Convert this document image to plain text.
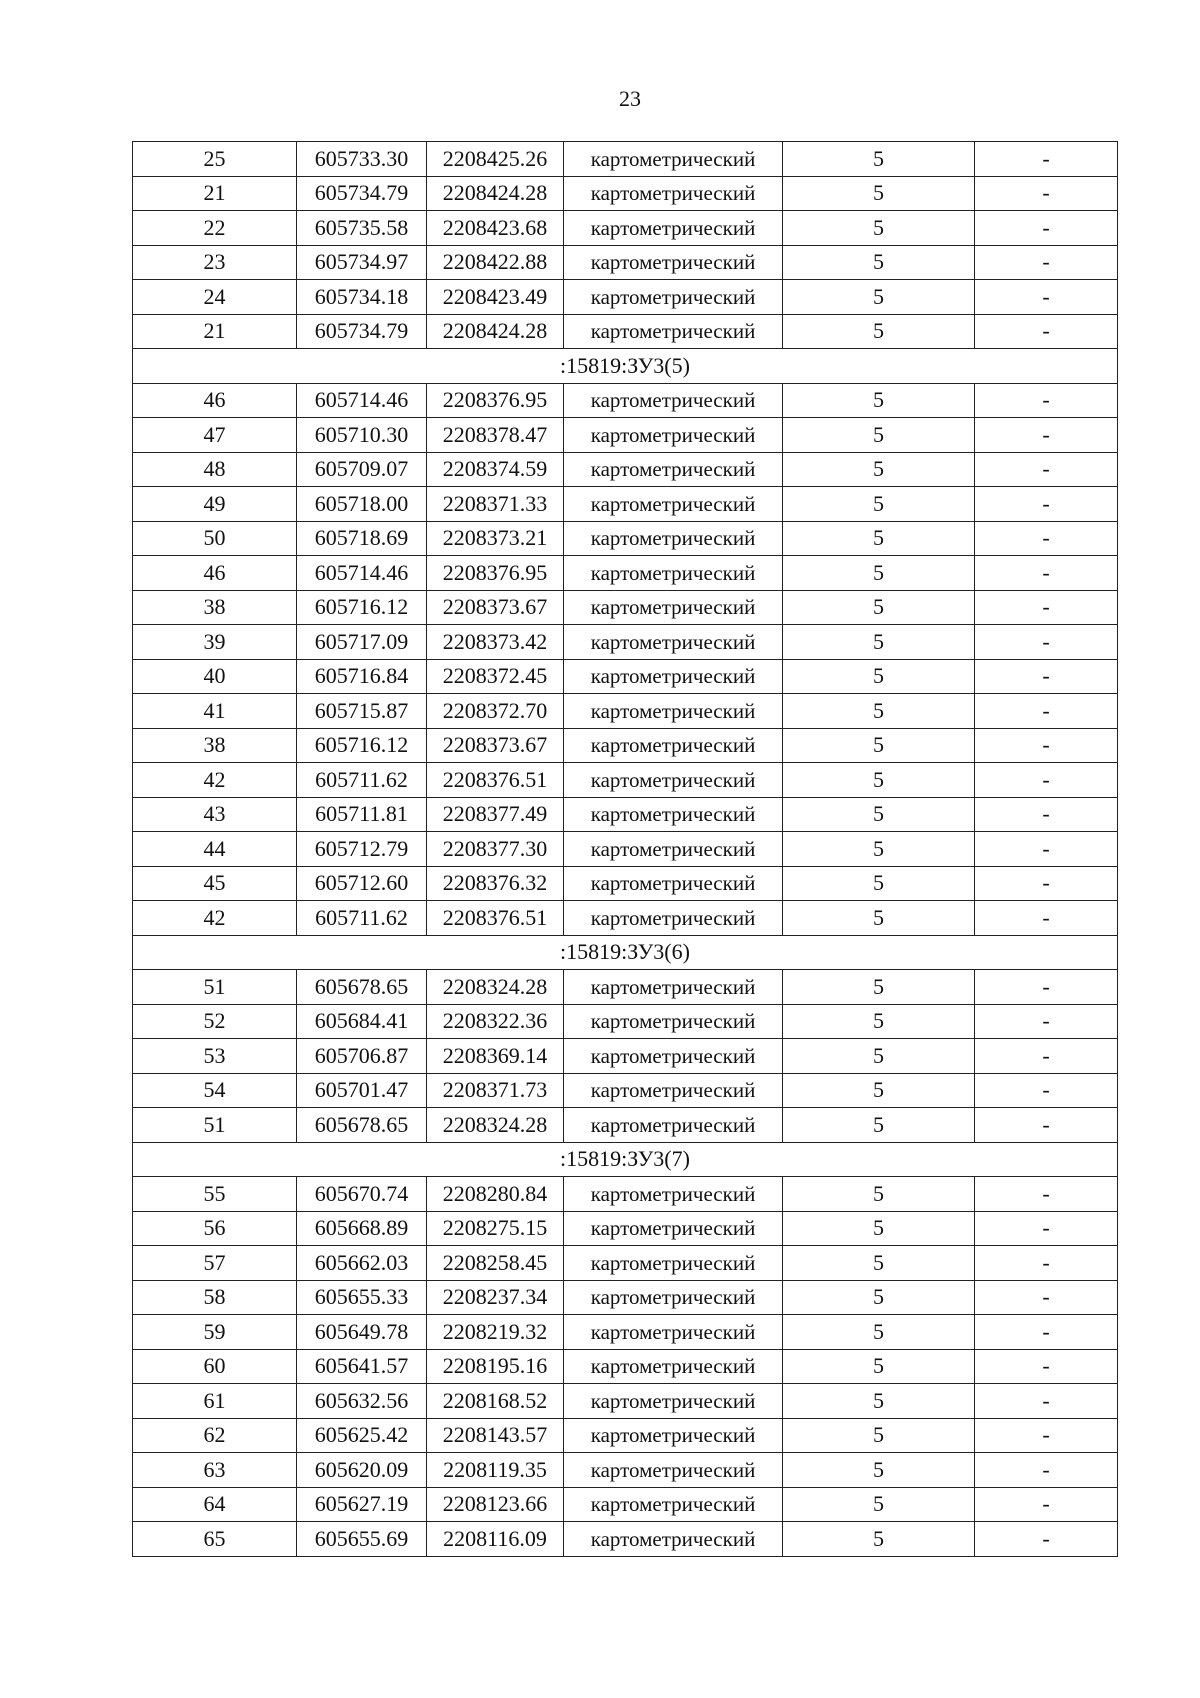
23
25	605733.30	2208425.26	картометрический	5	-
21	605734.79	2208424.28	картометрический	5	-
22	605735.58	2208423.68	картометрический	5	-
23	605734.97	2208422.88	картометрический	5	-
24	605734.18	2208423.49	картометрический	5	-
21	605734.79	2208424.28	картометрический	5	-
:15819:ЗУ3(5)					
46	605714.46	2208376.95	картометрический	5	-
47	605710.30	2208378.47	картометрический	5	-
48	605709.07	2208374.59	картометрический	5	-
49	605718.00	2208371.33	картометрический	5	-
50	605718.69	2208373.21	картометрический	5	-
46	605714.46	2208376.95	картометрический	5	-
38	605716.12	2208373.67	картометрический	5	-
39	605717.09	2208373.42	картометрический	5	-
40	605716.84	2208372.45	картометрический	5	-
41	605715.87	2208372.70	картометрический	5	-
38	605716.12	2208373.67	картометрический	5	-
42	605711.62	2208376.51	картометрический	5	-
43	605711.81	2208377.49	картометрический	5	-
44	605712.79	2208377.30	картометрический	5	-
45	605712.60	2208376.32	картометрический	5	-
42	605711.62	2208376.51	картометрический	5	-
:15819:ЗУ3(6)					
51	605678.65	2208324.28	картометрический	5	-
52	605684.41	2208322.36	картометрический	5	-
53	605706.87	2208369.14	картометрический	5	-
54	605701.47	2208371.73	картометрический	5	-
51	605678.65	2208324.28	картометрический	5	-
:15819:ЗУ3(7)					
55	605670.74	2208280.84	картометрический	5	-
56	605668.89	2208275.15	картометрический	5	-
57	605662.03	2208258.45	картометрический	5	-
58	605655.33	2208237.34	картометрический	5	-
59	605649.78	2208219.32	картометрический	5	-
60	605641.57	2208195.16	картометрический	5	-
61	605632.56	2208168.52	картометрический	5	-
62	605625.42	2208143.57	картометрический	5	-
63	605620.09	2208119.35	картометрический	5	-
64	605627.19	2208123.66	картометрический	5	-
65	605655.69	2208116.09	картометрический	5	-
